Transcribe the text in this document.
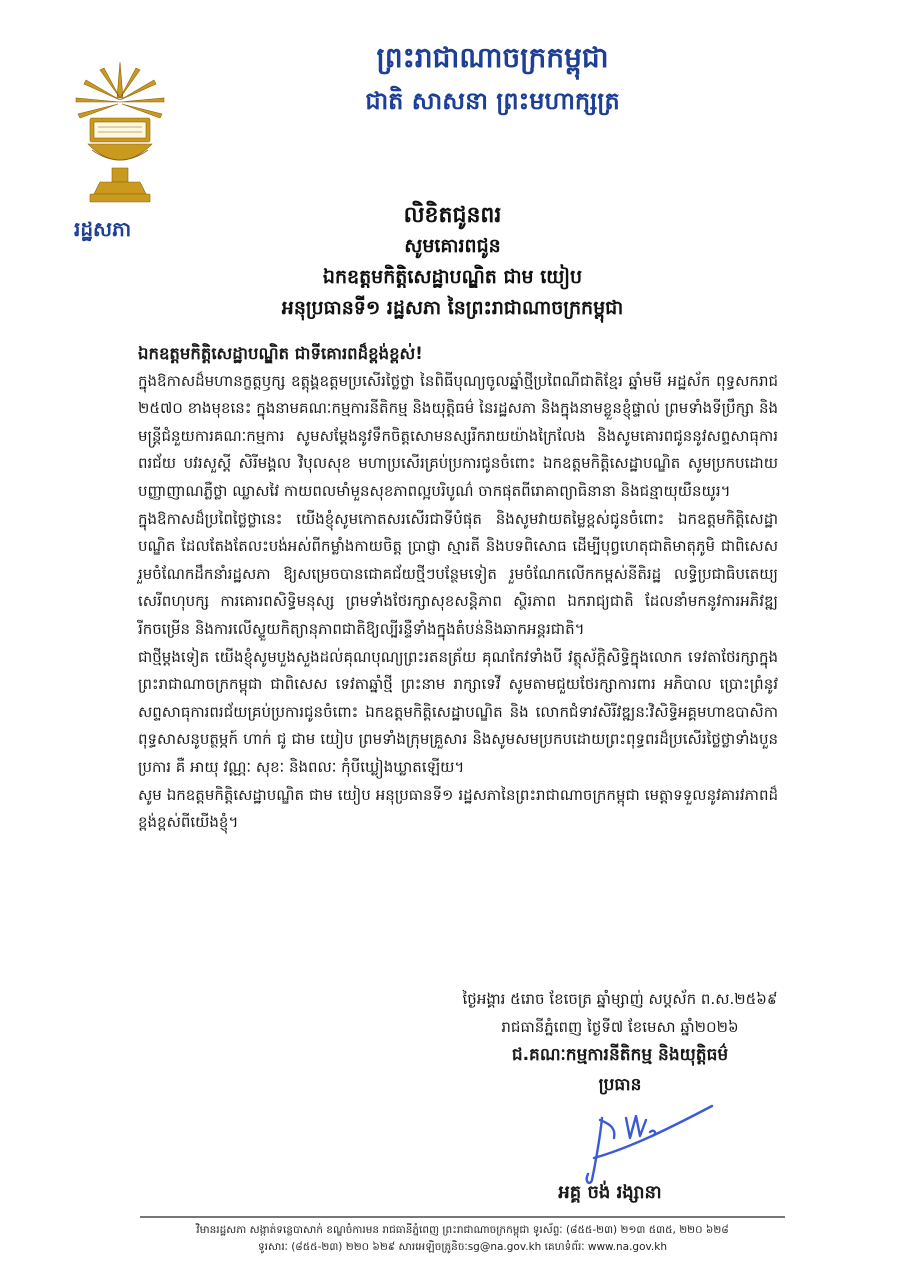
រដ្ឋសភា
ព្រះរាជាណាចក្រកម្ពុជា
ជាតិ សាសនា ព្រះមហាក្សត្រ
លិខិតជូនពរ
សូមគោរពជូន
ឯកឧត្តមកិត្តិសេដ្ឋាបណ្ឌិត ជាម យៀប
អនុប្រធានទី១ រដ្ឋសភា នៃព្រះរាជាណាចក្រកម្ពុជា
ឯកឧត្តមកិត្តិសេដ្ឋាបណ្ឌិត ជាទីគោរពដ៏ខ្ពង់ខ្ពស់!

ក្នុងឱកាសដ៏មហានក្ខត្តឫក្ស ឧត្តុង្គឧត្តមប្រសើរថ្លៃថ្លា នៃពិធីបុណ្យចូលឆ្នាំថ្មីប្រពៃណីជាតិខ្មែរ ឆ្នាំមមី អដ្ឋស័ក ពុទ្ធសករាជ ២៥៧០ ខាងមុខនេះ ក្នុងនាមគណៈកម្មការនីតិកម្ម និងយុត្តិធម៌ នៃរដ្ឋសភា និងក្នុងនាមខ្លួនខ្ញុំផ្ទាល់ ព្រមទាំងទីប្រឹក្សា និងមន្ត្រីជំនួយការគណៈកម្មការ សូមសម្តែងនូវទឹកចិត្តសោមនស្សរីករាយយ៉ាងក្រៃលែង និងសូមគោរពជូននូវសព្ទសាធុការពរជ័យ បវរសួស្តី សិរីមង្គល វិបុលសុខ មហាប្រសើរគ្រប់ប្រការជូនចំពោះ ឯកឧត្តមកិត្តិសេដ្ឋាបណ្ឌិត សូមប្រកបដោយបញ្ញាញាណភ្លឺថ្លា ឈ្លាសវៃ កាយពលមាំមួនសុខភាពល្អបរិបូណ៌ ចាកផុតពីរោគាព្យាធិនានា និងជន្មាយុយឺនយូរ។

ក្នុងឱកាសដ៏ប្រពៃថ្លៃថ្លានេះ យើងខ្ញុំសូមកោតសរសើរជាទីបំផុត និងសូមវាយតម្លៃខ្ពស់ជូនចំពោះ ឯកឧត្តមកិត្តិសេដ្ឋាបណ្ឌិត ដែលតែងតែលះបង់អស់ពីកម្លាំងកាយចិត្ត ប្រាជ្ញា ស្មារតី និងបទពិសោធ ដើម្បីបុព្វហេតុជាតិមាតុភូមិ ជាពិសេសរួមចំណែកដឹកនាំរដ្ឋសភា ឱ្យសម្រេចបានជោគជ័យថ្មីៗបន្ថែមទៀត រួមចំណែកលើកកម្ពស់នីតិរដ្ឋ លទ្ធិប្រជាធិបតេយ្យ សេរីពហុបក្ស ការគោរពសិទ្ធិមនុស្ស ព្រមទាំងថែរក្សាសុខសន្តិភាព ស្ថិរភាព ឯករាជ្យជាតិ ដែលនាំមកនូវការអភិវឌ្ឍរីកចម្រើន និងការលើស្ទួយកិត្យានុភាពជាតិឱ្យល្បីរន្ទឺទាំងក្នុងតំបន់និងឆាកអន្តរជាតិ។

ជាថ្មីម្តងទៀត យើងខ្ញុំសូមបួងសួងដល់គុណបុណ្យព្រះរតនត្រ័យ គុណកែវទាំងបី វត្ថុស័ក្តិសិទ្ធិក្នុងលោក ទេវតាថែរក្សាក្នុងព្រះរាជាណាចក្រកម្ពុជា ជាពិសេស ទេវតាឆ្នាំថ្មី ព្រះនាម រាក្សាទេវី សូមតាមជួយថែរក្សាការពារ អភិបាល ប្រោះព្រំនូវសព្ទសាធុការពរជ័យគ្រប់ប្រការជូនចំពោះ ឯកឧត្តមកិត្តិសេដ្ឋាបណ្ឌិត និង លោកជំទាវសិរីវឌ្ឍនៈវិសិទ្ធិអគ្គមហាឧបាសិកាពុទ្ធសាសនូបត្ថម្ភក៍ ហាក់ ជូ ជាម យៀប ព្រមទាំងក្រុមគ្រួសារ និងសូមសមប្រកបដោយព្រះពុទ្ធពរដ៏ប្រសើរថ្លៃថ្លាទាំងបួនប្រការ គឺ អាយុ វណ្ណៈ សុខៈ និងពលៈ កុំបីឃ្លៀងឃ្លាតឡើយ។

សូម ឯកឧត្តមកិត្តិសេដ្ឋាបណ្ឌិត ជាម យៀប អនុប្រធានទី១ រដ្ឋសភានៃព្រះរាជាណាចក្រកម្ពុជា មេត្តាទទួលនូវគារវភាពដ៏ខ្ពង់ខ្ពស់ពីយើងខ្ញុំ។

ថ្ងៃអង្គារ ៥រោច ខែចេត្រ ឆ្នាំម្សាញ់ សប្តស័ក ព.ស.២៥៦៩
រាជធានីភ្នំពេញ ថ្ងៃទី៧ ខែមេសា ឆ្នាំ២០២៦
ជ.គណៈកម្មការនីតិកម្ម និងយុត្តិធម៌
ប្រធាន
អគ្គ ចង់ រ​ង្សានា
វិមានរដ្ឋសភា សង្កាត់ទន្លេបាសាក់ ខណ្ឌចំការមន រាជធានីភ្នំពេញ ព្រះរាជាណាចក្រកម្ពុជា ទូរស័ព្ទៈ (៨៥៥-២៣) ២១៣ ៥៣៥, ២២០ ៦២៨
ទូរសារៈ (៨៥៥-២៣) ២២០ ៦២៩ សារអេឡិចត្រូនិចៈsg@na.gov.kh គេហទំព័រៈ www.na.gov.kh
